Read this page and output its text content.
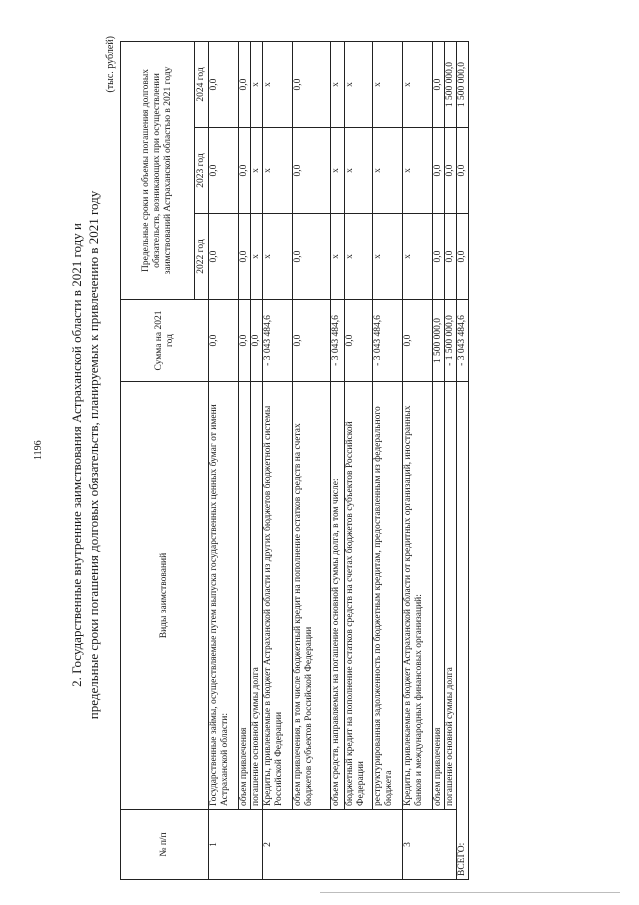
1196 2. Государственные внутренние заимствования Астраханской области в 2021 году и предельные сроки погашения долговых обязательств, планируемых к привлечению в 2021 году
(тыс. рублей)
№ п/п	Виды заимствований	Сумма на 2021 год	Предельные сроки и объемы погашения долговых обязательств, возникающих при осуществлении заимствований Астраханской областью в 2021 году		
			2022 год	2023 год	2024 год
1	Государственные займы, осуществляемые путем выпуска государственных ценных бумаг от имени Астраханской области:	0,0	0,0	0,0	0,0
	объем привлечения	0,0	0,0	0,0	0,0
	погашение основной суммы долга	0,0	x	x	x
2	Кредиты, привлекаемые в бюджет Астраханской области из других бюджетов бюджетной системы Российской Федерации	- 3 043 484,6	x	x	x
	объем привлечения, в том числе бюджетный кредит на пополнение остатков средств на счетах бюджетов субъектов Российской Федерации	0,0	0,0	0,0	0,0
	объем средств, направляемых на погашение основной суммы долга, в том числе:	- 3 043 484,6	x	x	x
	бюджетный кредит на пополнение остатков средств на счетах бюджетов субъектов Российской Федерации	0,0	x	x	x
	реструктурированная задолженность по бюджетным кредитам, предоставленным из федерального бюджета	- 3 043 484,6	x	x	x
3	Кредиты, привлекаемые в бюджет Астраханской области от кредитных организаций, иностранных банков и международных финансовых организаций:	0,0	x	x	x
	объем привлечения	1 500 000,0	0,0	0,0	0,0
	погашение основной суммы долга	- 1 500 000,0	0,0	0,0	1 500 000,0
ВСЕГО:		- 3 043 484,6	0,0	0,0	1 500 000,0
